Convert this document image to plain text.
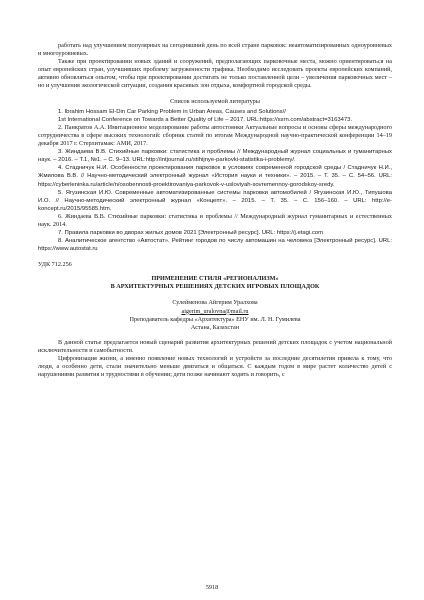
работать над улучшением популярных на сегодняшний день по всей стране парковок: неавтоматизированных одноуровневых и многоуровневых.

Также при проектировании новых зданий и сооружений, предполагающих парковочные места, можно ориентироваться на опыт европейских стран, улучшивших проблему загруженности трафика. Необходимо исследовать проекты европейских компаний, активно обновляться опытом, чтобы при проектировании достигать не только поставленной цели – увеличения парковочных мест – но и улучшения экологической ситуации, создания красивых зон отдыха, комфортной городской среды.

Список используемой литературы

1. Ibrahim Hossam El-Din Car Parking Problem in Urban Areas, Causes and Solutions//

1st International Conference on Towards a Better Quality of Life – 2017. URL:https://ssrn.com/abstract=3163473.

2. Панкратов А.А. Имитационное моделирование работы автостоянки Актуальные вопросы и основы сферы международного сотрудничества в сфере высоких технологий: сборник статей по итогам Международной научно-практической конференции 14–19 декабря 2017 г. Стерлитамак: АМИ, 2017.

3. Жиндаева В.В. Стихийные парковки: статистика и проблемы // Международный журнал социальных и гуманитарных наук. – 2016. – Т.1, №1. – С. 9–13. URL:http://intjournal.ru/stihijnye-parkovki-statistika-i-problemy/.

4. Стадничук Н.И. Особенности проектирования парковок в условиях современной городской среды / Стадничук Н.И., Жмилова В.В. // Научно-методический электронный журнал «История науки и техники». – 2015. – Т. 35. – С. 54–56. URL: https://cyberleninka.ru/article/n/osobennosti-proektirovaniya-parkovok-v-usloviyah-sovremennoy-gorodskoy-sredy.

5. Ягузинская И.Ю. Современные автоматизированные системы парковки автомобилей / Ягузинская И.Ю., Типушова И.О. // Научно-методический электронный журнал «Концепт». – 2015. – Т. 35. – С. 156–160. – URL: http://e-koncept.ru/2015/95585.htm.

6. Жиндаева В.В. Стихийные парковки: статистика и проблемы // Международный журнал гуманитарных и естественных наук. 2014.

7. Правила парковки во дворах жилых домов 2021 [Электронный ресурс]. URL: https://j.etagi.com

8. Аналитическое агентство «Автостат». Рейтинг городов по числу автомашин на человека [Электронный ресурс]. URL: https://www.autostat.ru

УДК 712.256

ПРИМЕНЕНИЕ СТИЛЯ «РЕГИОНАЛИЗМ»
В АРХИТЕКТУРНЫХ РЕШЕНИЯХ ДЕТСКИХ ИГРОВЫХ ПЛОЩАДОК
Сулейменова Айгерим Уралхова
aigerim_uralovna@mail.ru
Преподаватель кафедры «Архитектура» ЕНУ им. Л. Н. Гумилева
Астана, Казахстан

В данной статье предлагается новый сценарий развития архитектурных решений детских площадок с учетом национальной исключительности и самобытности.

Цифровизация жизни, а именно появление новых технологий и устройств за последние десятилетия привела к тому, что люди, а особенно дети, стали значительно меньше двигаться и общаться. С каждым годом в мире растет количество детей с нарушениями развития и трудностями в обучении; дети позже начинают ходить и говорить, с

5918
